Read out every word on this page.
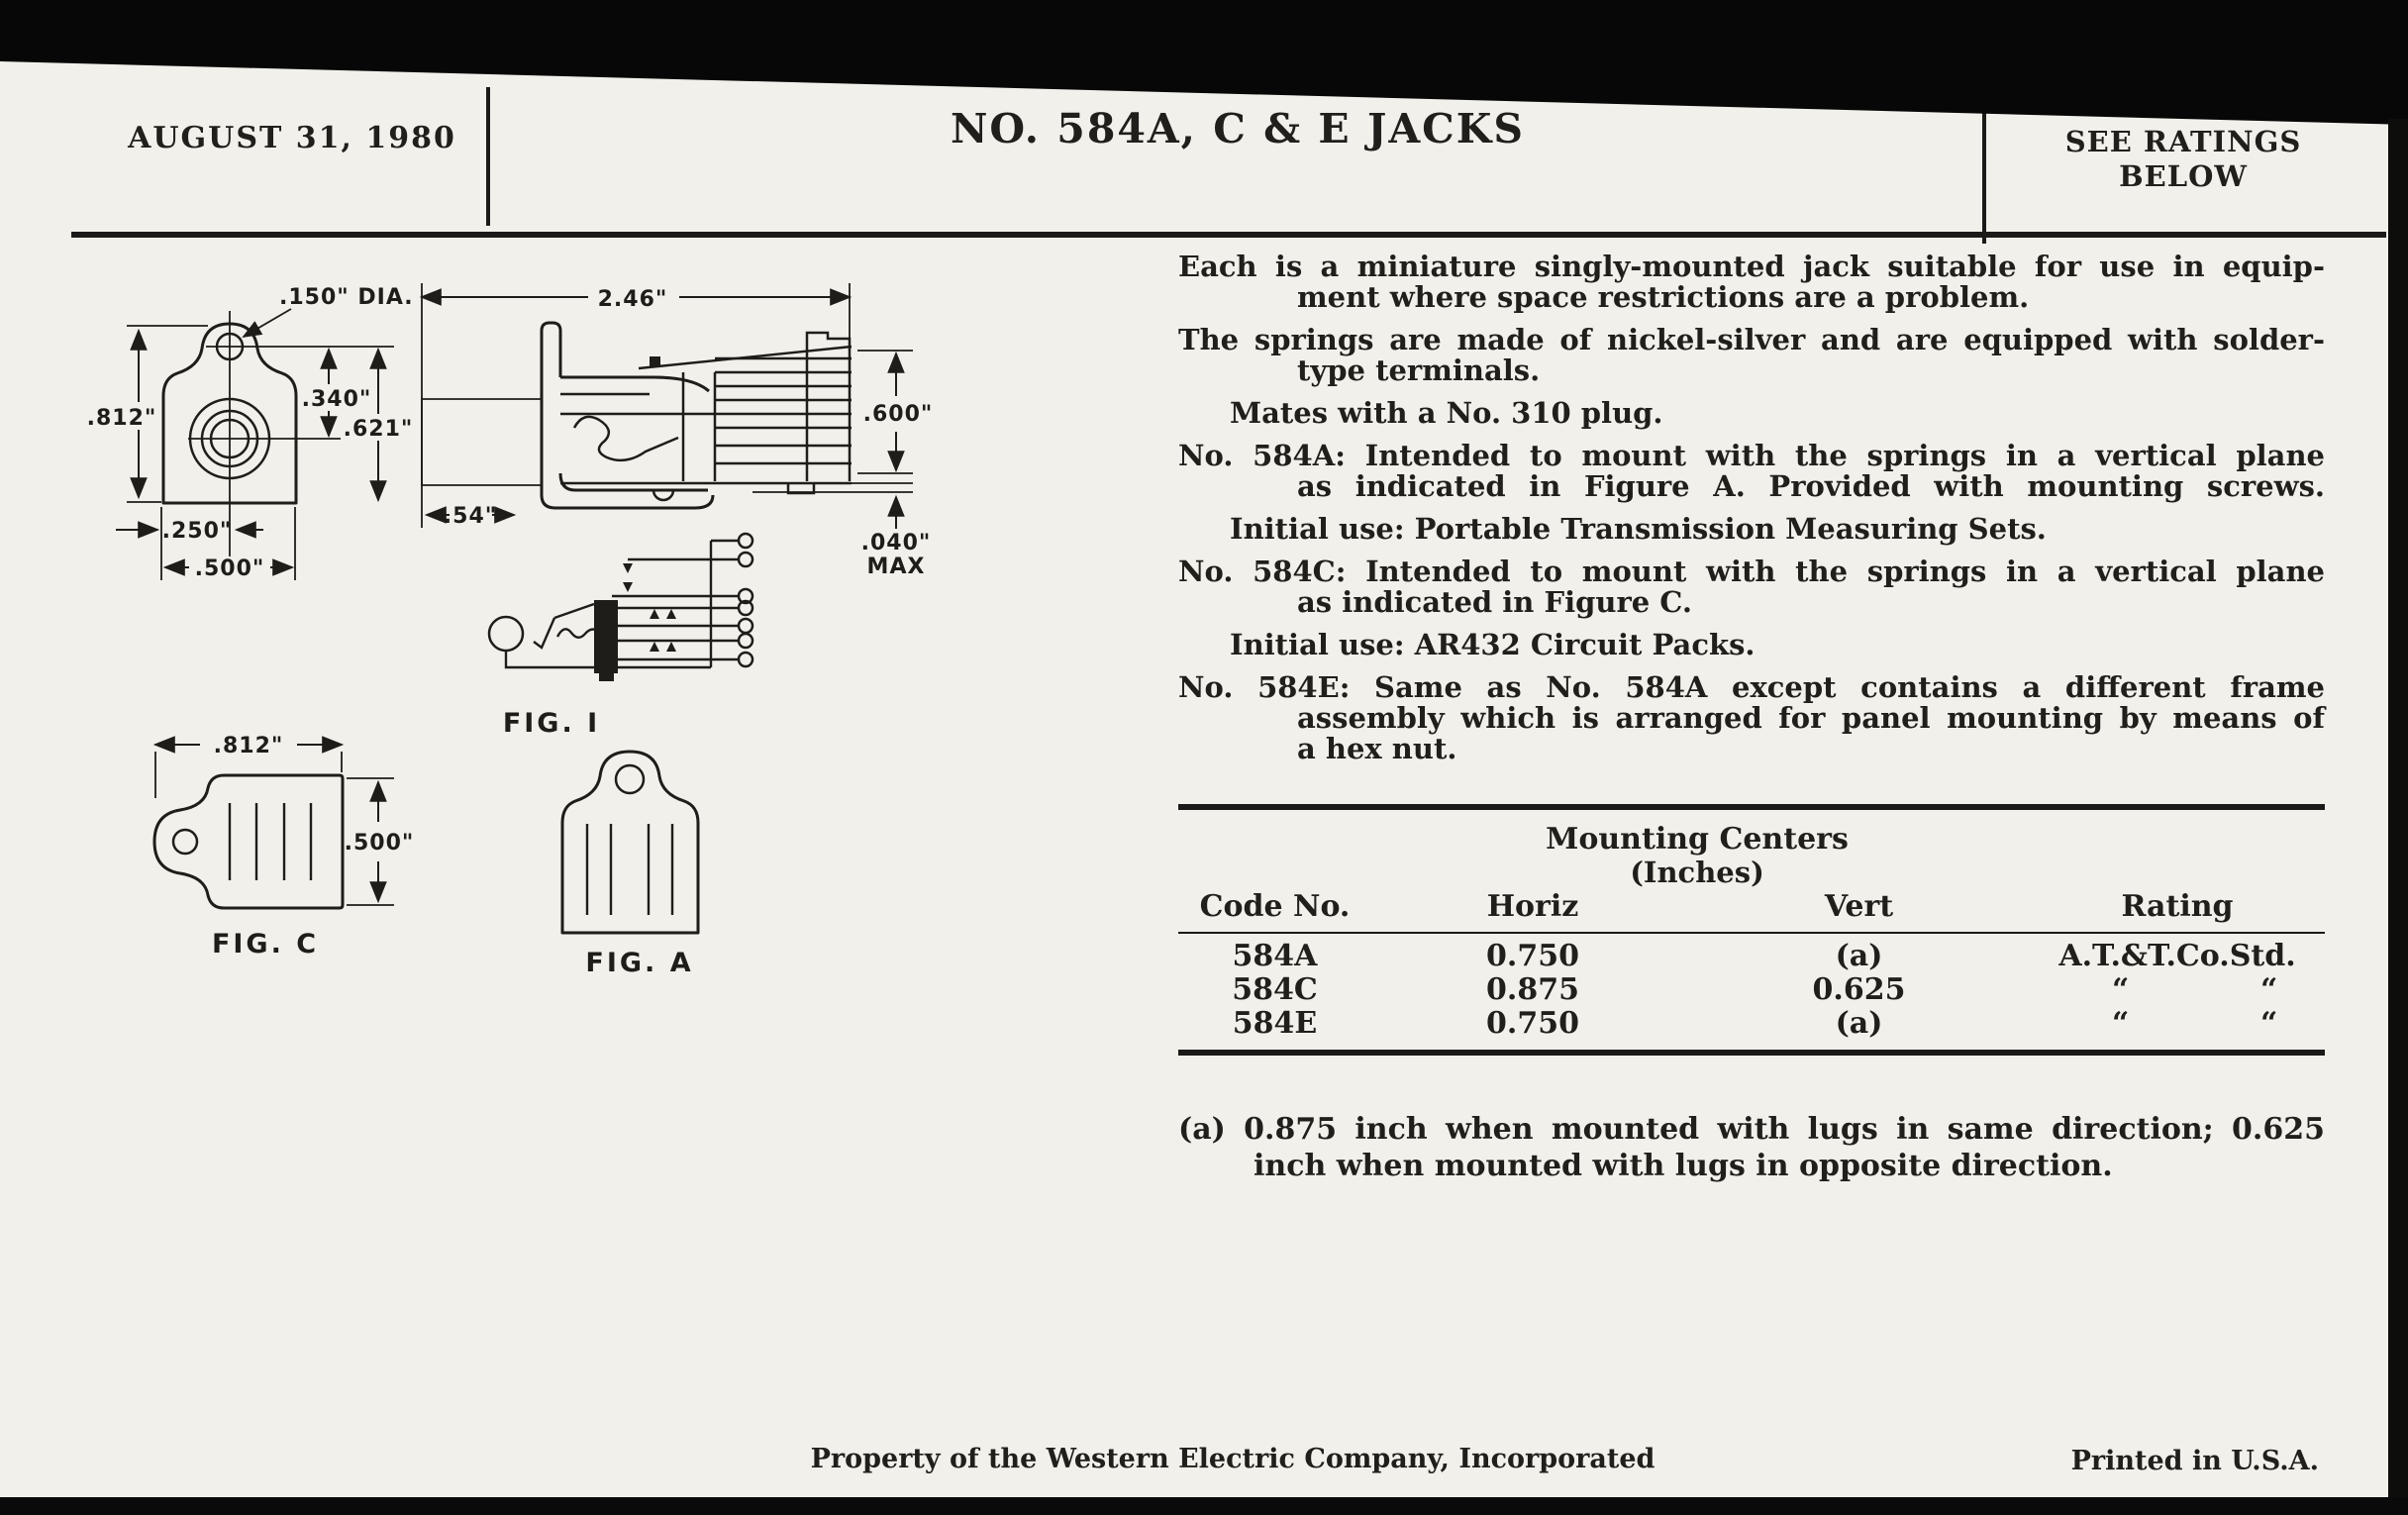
AUGUST 31, 1980	NO. 584A, C & E JACKS	SEE RATINGS
BELOW
.812"
.340"
.621"
.250"
.500"
.150" DIA.	2.46"
.600"
.040"
MAX
.54"
FIG. I
.812"
.500"
FIG. C
FIG. A
Each is a miniature singly-mounted jack suitable for use in equip-
ment where space restrictions are a problem.
The springs are made of nickel-silver and are equipped with solder-
type terminals.
Mates with a No. 310 plug.
No. 584A: Intended to mount with the springs in a vertical plane
as indicated in Figure A. Provided with mounting screws.
Initial use: Portable Transmission Measuring Sets.
No. 584C: Intended to mount with the springs in a vertical plane
as indicated in Figure C.
Initial use: AR432 Circuit Packs.
No. 584E: Same as No. 584A except contains a different frame
assembly which is arranged for panel mounting by means of
a hex nut.
Mounting Centers
(Inches)
Code No.	Horiz	Vert	Rating
584A	0.750	(a)	A.T.&T.Co.Std.
584C	0.875	0.625	“	“
584E	0.750	(a)	“	“
(a) 0.875 inch when mounted with lugs in same direction; 0.625
inch when mounted with lugs in opposite direction.
Property of the Western Electric Company, Incorporated	Printed in U.S.A.
